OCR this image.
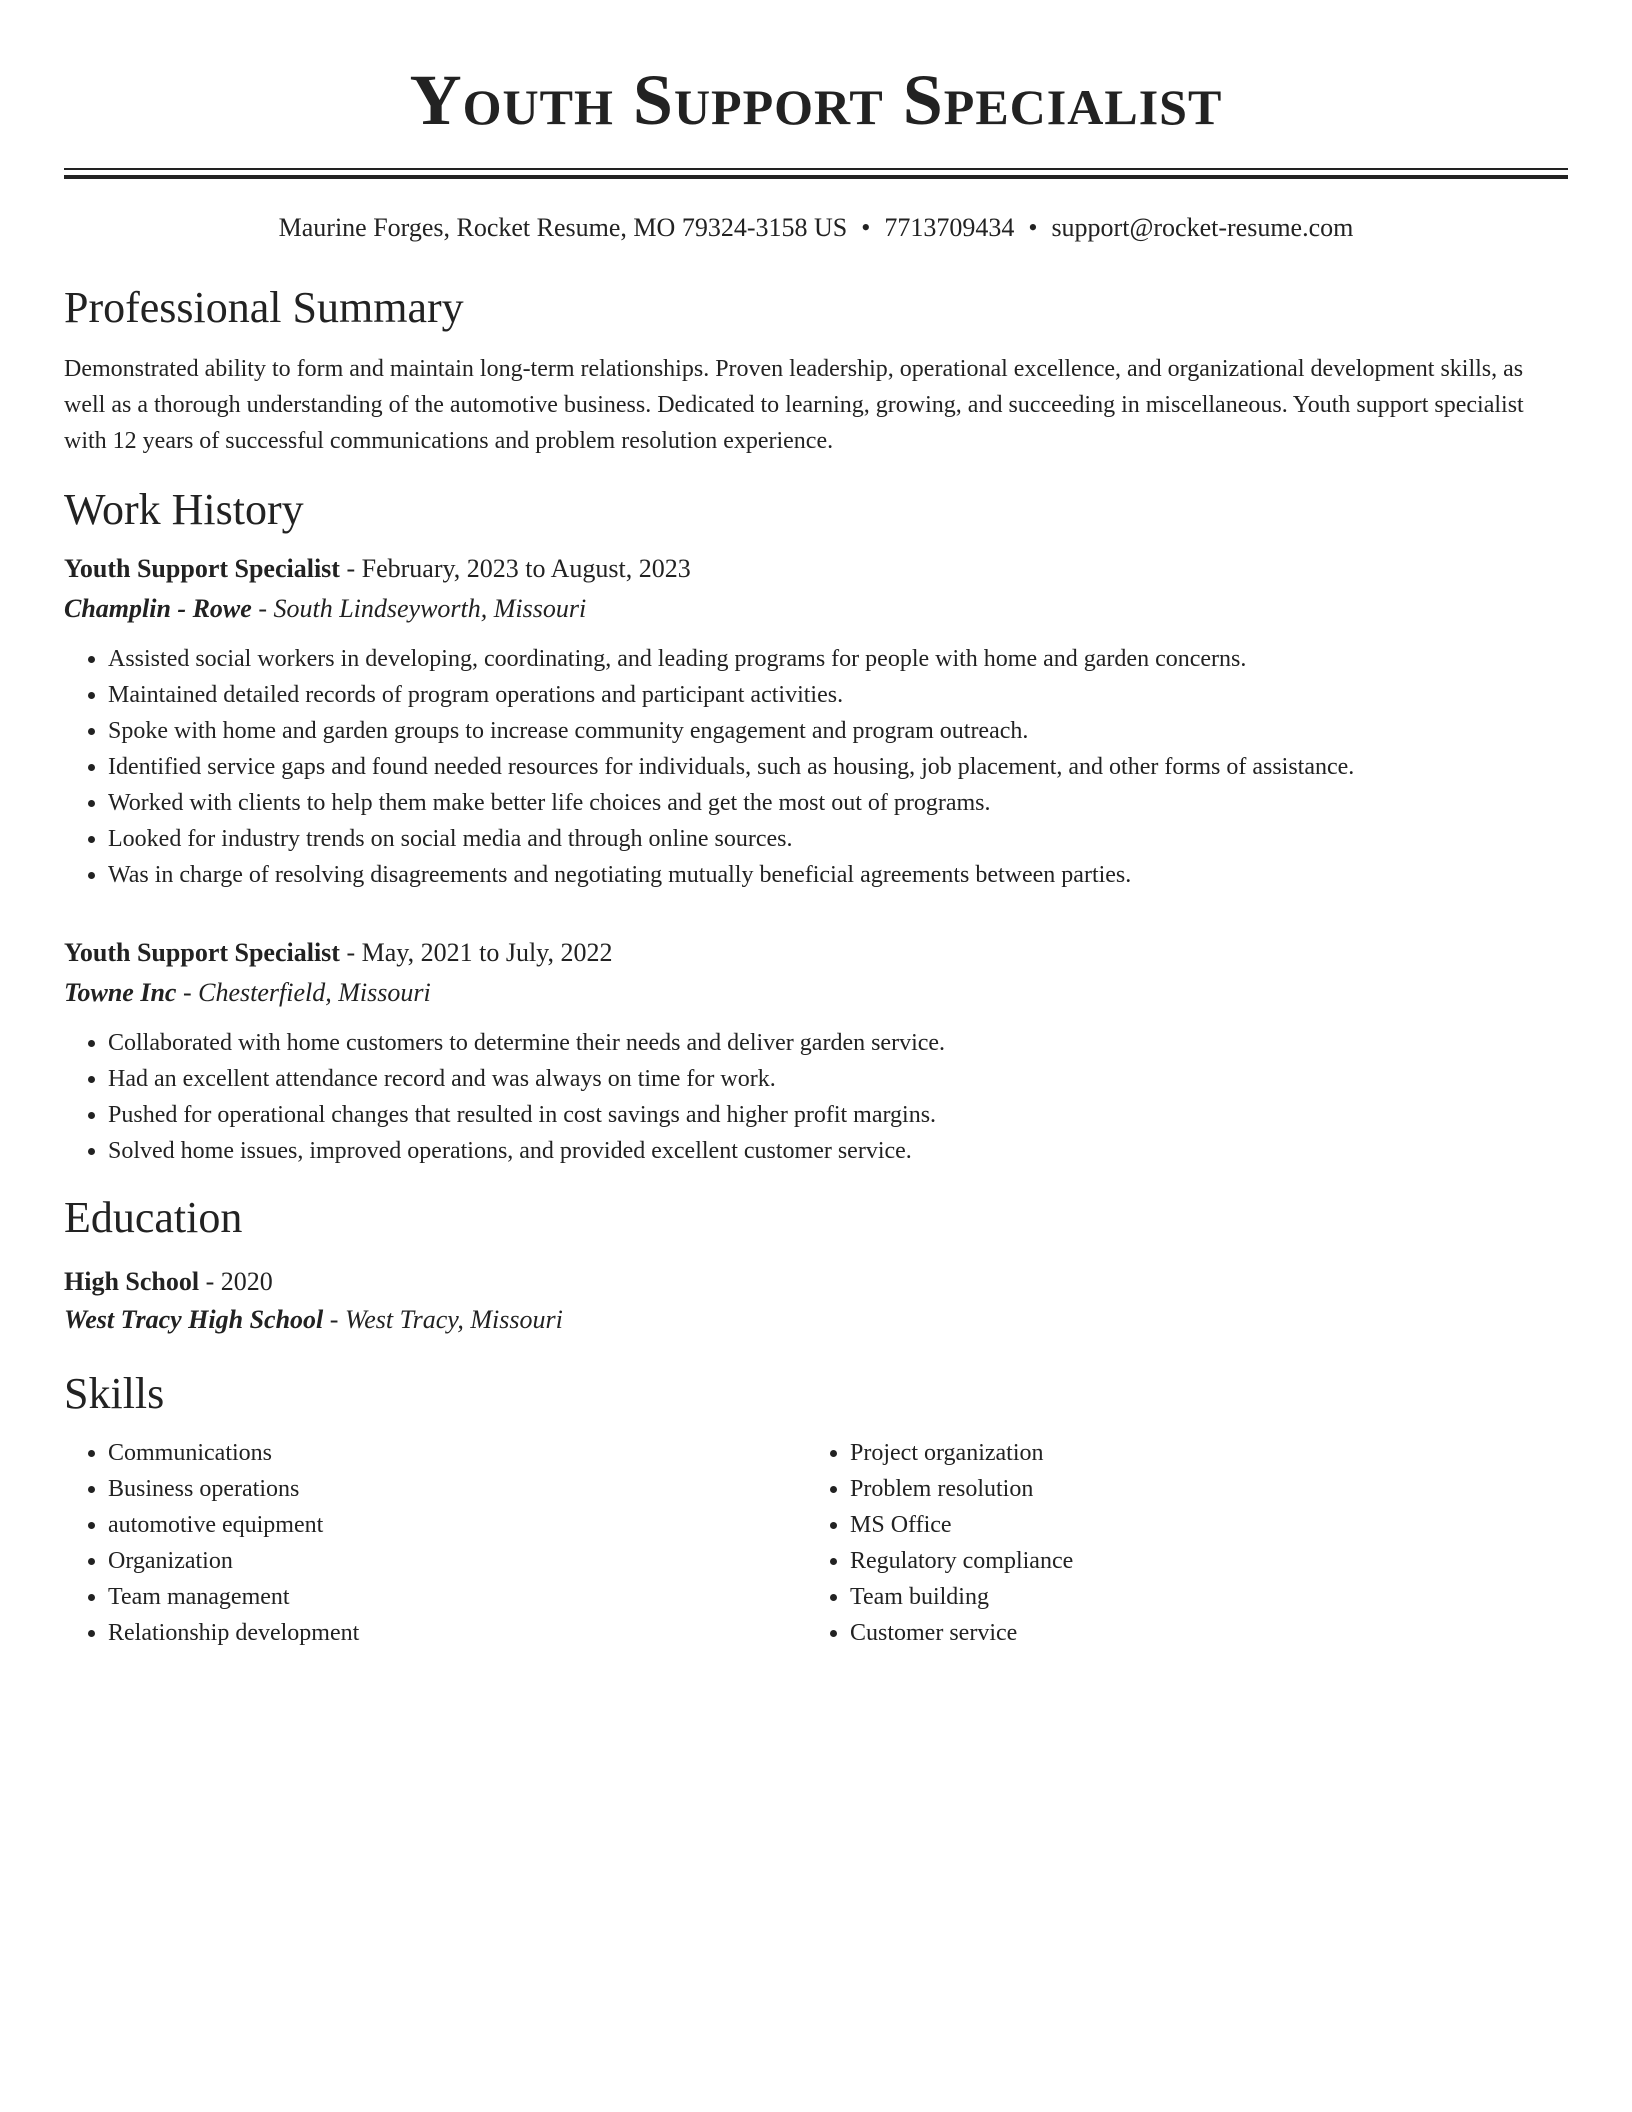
Youth Support Specialist
Maurine Forges, Rocket Resume, MO 79324-3158 US • 7713709434 • support@rocket-resume.com
Professional Summary

Demonstrated ability to form and maintain long-term relationships. Proven leadership, operational excellence, and organizational development skills, as well as a thorough understanding of the automotive business. Dedicated to learning, growing, and succeeding in miscellaneous. Youth support specialist with 12 years of successful communications and problem resolution experience.

Work History
Youth Support Specialist - February, 2023 to August, 2023
Champlin - Rowe - South Lindseyworth, Missouri
• Assisted social workers in developing, coordinating, and leading programs for people with home and garden concerns.
• Maintained detailed records of program operations and participant activities.
• Spoke with home and garden groups to increase community engagement and program outreach.
• Identified service gaps and found needed resources for individuals, such as housing, job placement, and other forms of assistance.
• Worked with clients to help them make better life choices and get the most out of programs.
• Looked for industry trends on social media and through online sources.
• Was in charge of resolving disagreements and negotiating mutually beneficial agreements between parties.
Youth Support Specialist - May, 2021 to July, 2022
Towne Inc - Chesterfield, Missouri
• Collaborated with home customers to determine their needs and deliver garden service.
• Had an excellent attendance record and was always on time for work.
• Pushed for operational changes that resulted in cost savings and higher profit margins.
• Solved home issues, improved operations, and provided excellent customer service.
Education
High School - 2020
West Tracy High School - West Tracy, Missouri
Skills
• Communications
• Business operations
• automotive equipment
• Organization
• Team management
• Relationship development
• Project organization
• Problem resolution
• MS Office
• Regulatory compliance
• Team building
• Customer service
